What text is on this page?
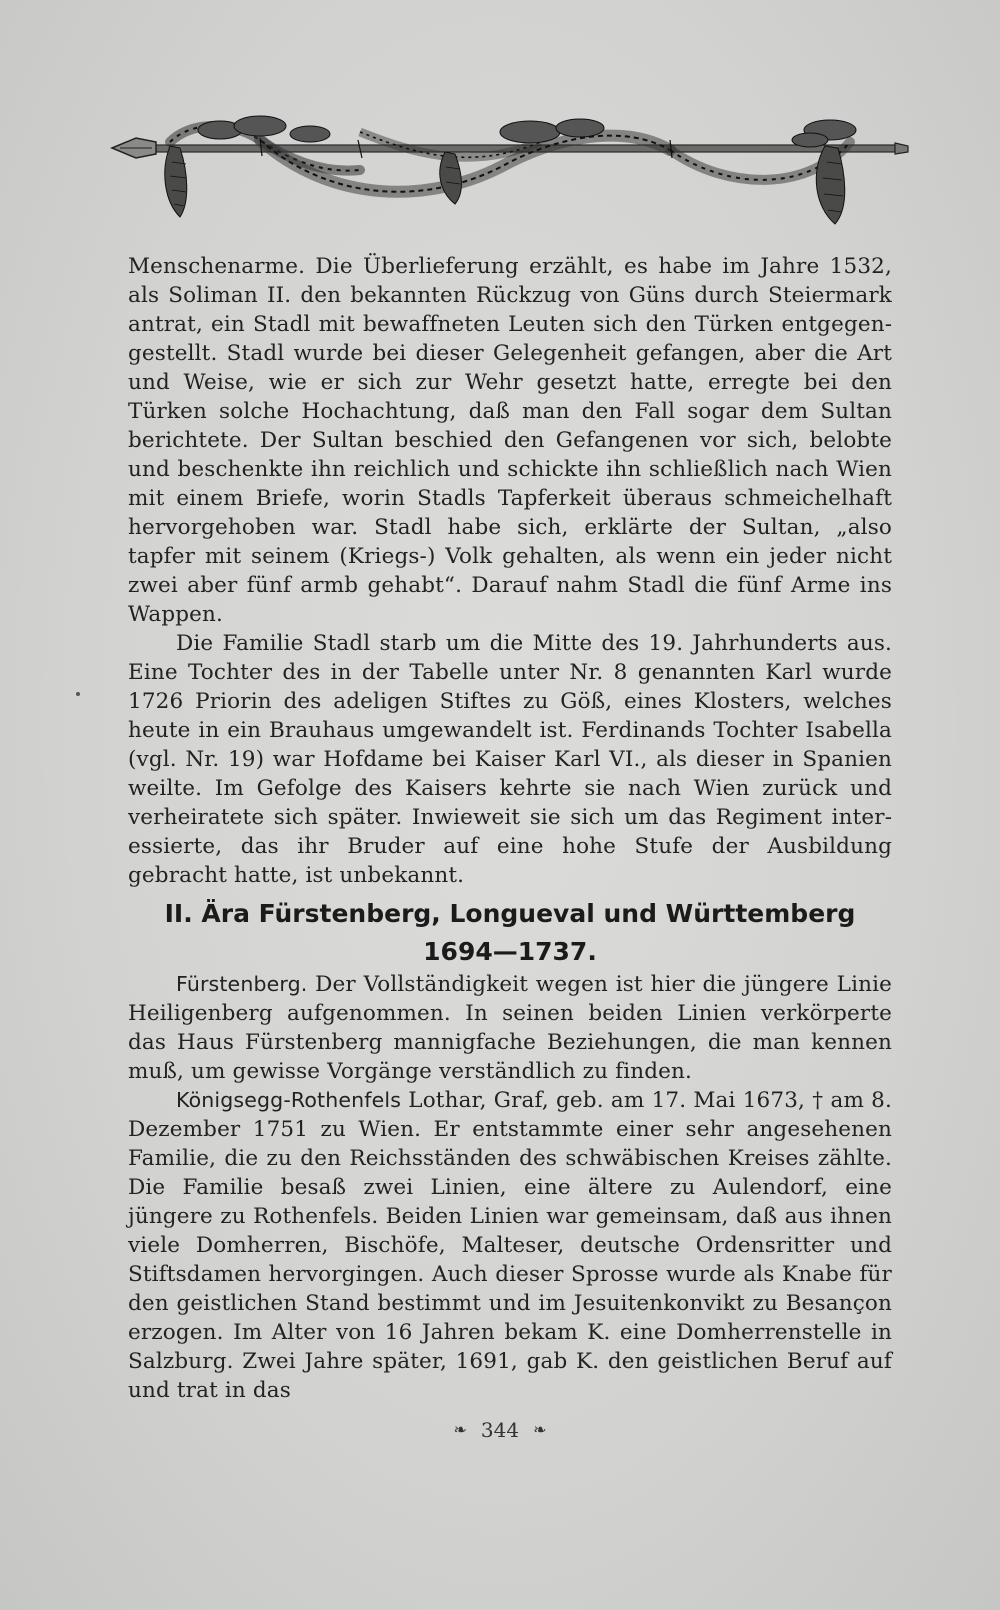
Menschenarme. Die Überlieferung erzählt, es habe im Jahre 1532, als Soliman II. den bekannten Rückzug von Güns durch Steiermark antrat, ein Stadl mit bewaffneten Leuten sich den Türken entgegengestellt. Stadl wurde bei dieser Gelegenheit gefangen, aber die Art und Weise, wie er sich zur Wehr gesetzt hatte, erregte bei den Türken solche Hochachtung, daß man den Fall sogar dem Sultan berichtete. Der Sultan beschied den Gefangenen vor sich, belobte und beschenkte ihn reichlich und schickte ihn schließlich nach Wien mit einem Briefe, worin Stadls Tapferkeit überaus schmeichelhaft hervorgehoben war. Stadl habe sich, erklärte der Sultan, „also tapfer mit seinem (Kriegs-) Volk gehalten, als wenn ein jeder nicht zwei aber fünf armb gehabt“. Darauf nahm Stadl die fünf Arme ins Wappen.

Die Familie Stadl starb um die Mitte des 19. Jahrhunderts aus. Eine Tochter des in der Tabelle unter Nr. 8 genannten Karl wurde 1726 Priorin des adeligen Stiftes zu Göß, eines Klosters, welches heute in ein Brauhaus umgewandelt ist. Ferdinands Tochter Isabella (vgl. Nr. 19) war Hofdame bei Kaiser Karl VI., als dieser in Spanien weilte. Im Gefolge des Kaisers kehrte sie nach Wien zurück und verheiratete sich später. Inwieweit sie sich um das Regiment interessierte, das ihr Bruder auf eine hohe Stufe der Ausbildung gebracht hatte, ist unbekannt.

II. Ära Fürstenberg, Longueval und Württemberg
1694—1737.

Fürstenberg. Der Vollständigkeit wegen ist hier die jüngere Linie Heiligenberg aufgenommen. In seinen beiden Linien verkörperte das Haus Fürstenberg mannigfache Beziehungen, die man kennen muß, um gewisse Vorgänge verständlich zu finden.

Königsegg-Rothenfels Lothar, Graf, geb. am 17. Mai 1673, † am 8. Dezember 1751 zu Wien. Er entstammte einer sehr angesehenen Familie, die zu den Reichsständen des schwäbischen Kreises zählte. Die Familie besaß zwei Linien, eine ältere zu Aulendorf, eine jüngere zu Rothenfels. Beiden Linien war gemeinsam, daß aus ihnen viele Domherren, Bischöfe, Malteser, deutsche Ordensritter und Stiftsdamen hervorgingen. Auch dieser Sprosse wurde als Knabe für den geistlichen Stand bestimmt und im Jesuitenkonvikt zu Besançon erzogen. Im Alter von 16 Jahren bekam K. eine Domherrenstelle in Salzburg. Zwei Jahre später, 1691, gab K. den geistlichen Beruf auf und trat in das

❧ 344 ❧
